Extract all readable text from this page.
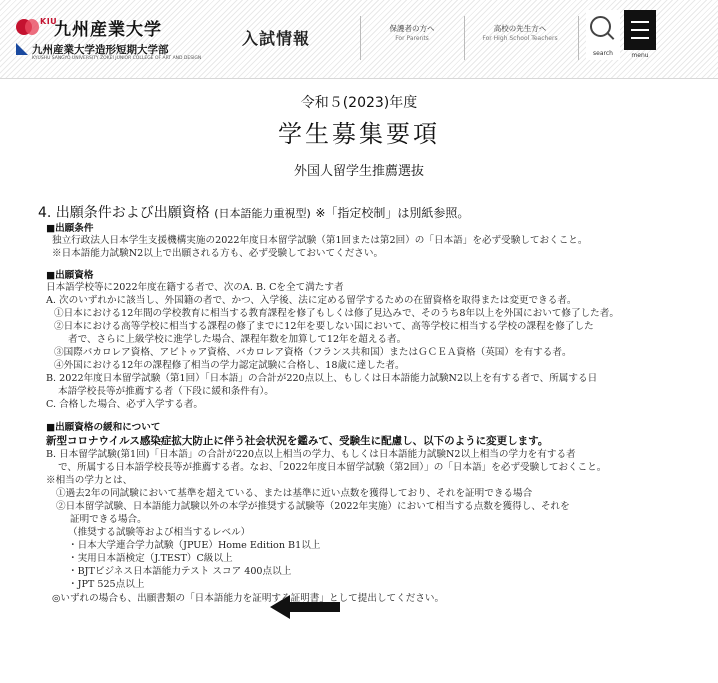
KIU
九州産業大学
九州産業大学造形短期大学部
KYUSHU SANGYO UNIVERSITY ZOKEI JUNIOR COLLEGE OF ART AND DESIGN
入試情報
保護者の方へ
For Parents
高校の先生方へ
For High School Teachers
search	menu
令和５(2023)年度
学生募集要項
外国人留学生推薦選抜
4. 出願条件および出願資格 (日本語能力重視型) ※「指定校制」は別紙参照。
■出願条件
独立行政法人日本学生支援機構実施の2022年度日本留学試験（第1回または第2回）の「日本語」を必ず受験しておくこと。
※日本語能力試験N2以上で出願される方も、必ず受験しておいてください。
■出願資格
日本語学校等に2022年度在籍する者で、次のA. B. Cを全て満たす者
A. 次のいずれかに該当し、外国籍の者で、かつ、入学後、法に定める留学するための在留資格を取得または変更できる者。
①日本における12年間の学校教育に相当する教育課程を修了もしくは修了見込みで、そのうち8年以上を外国において修了した者。
②日本における高等学校に相当する課程の修了までに12年を要しない国において、高等学校に相当する学校の課程を修了した
者で、さらに上級学校に進学した場合、課程年数を加算して12年を超える者。
③国際バカロレア資格、アビトゥア資格、バカロレア資格（フランス共和国）またはＧＣＥＡ資格（英国）を有する者。
④外国における12年の課程修了相当の学力認定試験に合格し、18歳に達した者。
B. 2022年度日本留学試験（第1回）「日本語」の合計が220点以上、もしくは日本語能力試験N2以上を有する者で、所属する日
本語学校長等が推薦する者（下段に緩和条件有）。
C. 合格した場合、必ず入学する者。
■出願資格の緩和について
新型コロナウイルス感染症拡大防止に伴う社会状況を鑑みて、受験生に配慮し、以下のように変更します。
B. 日本留学試験(第1回)「日本語」の合計が220点以上相当の学力、もしくは日本語能力試験N2以上相当の学力を有する者
で、所属する日本語学校長等が推薦する者。なお、「2022年度日本留学試験（第2回）」の「日本語」を必ず受験しておくこと。
※相当の学力とは、
①過去2年の同試験において基準を超えている、または基準に近い点数を獲得しており、それを証明できる場合
②日本留学試験、日本語能力試験以外の本学が推奨する試験等（2022年実施）において相当する点数を獲得し、それを
証明できる場合。
（推奨する試験等および相当するレベル）
・日本大学連合学力試験（JPUE）Home Edition B1以上
・実用日本語検定（J.TEST）C級以上
・BJTビジネス日本語能力テスト スコア 400点以上
・JPT 525点以上
◎いずれの場合も、出願書類の「日本語能力を証明する証明書」として提出してください。
